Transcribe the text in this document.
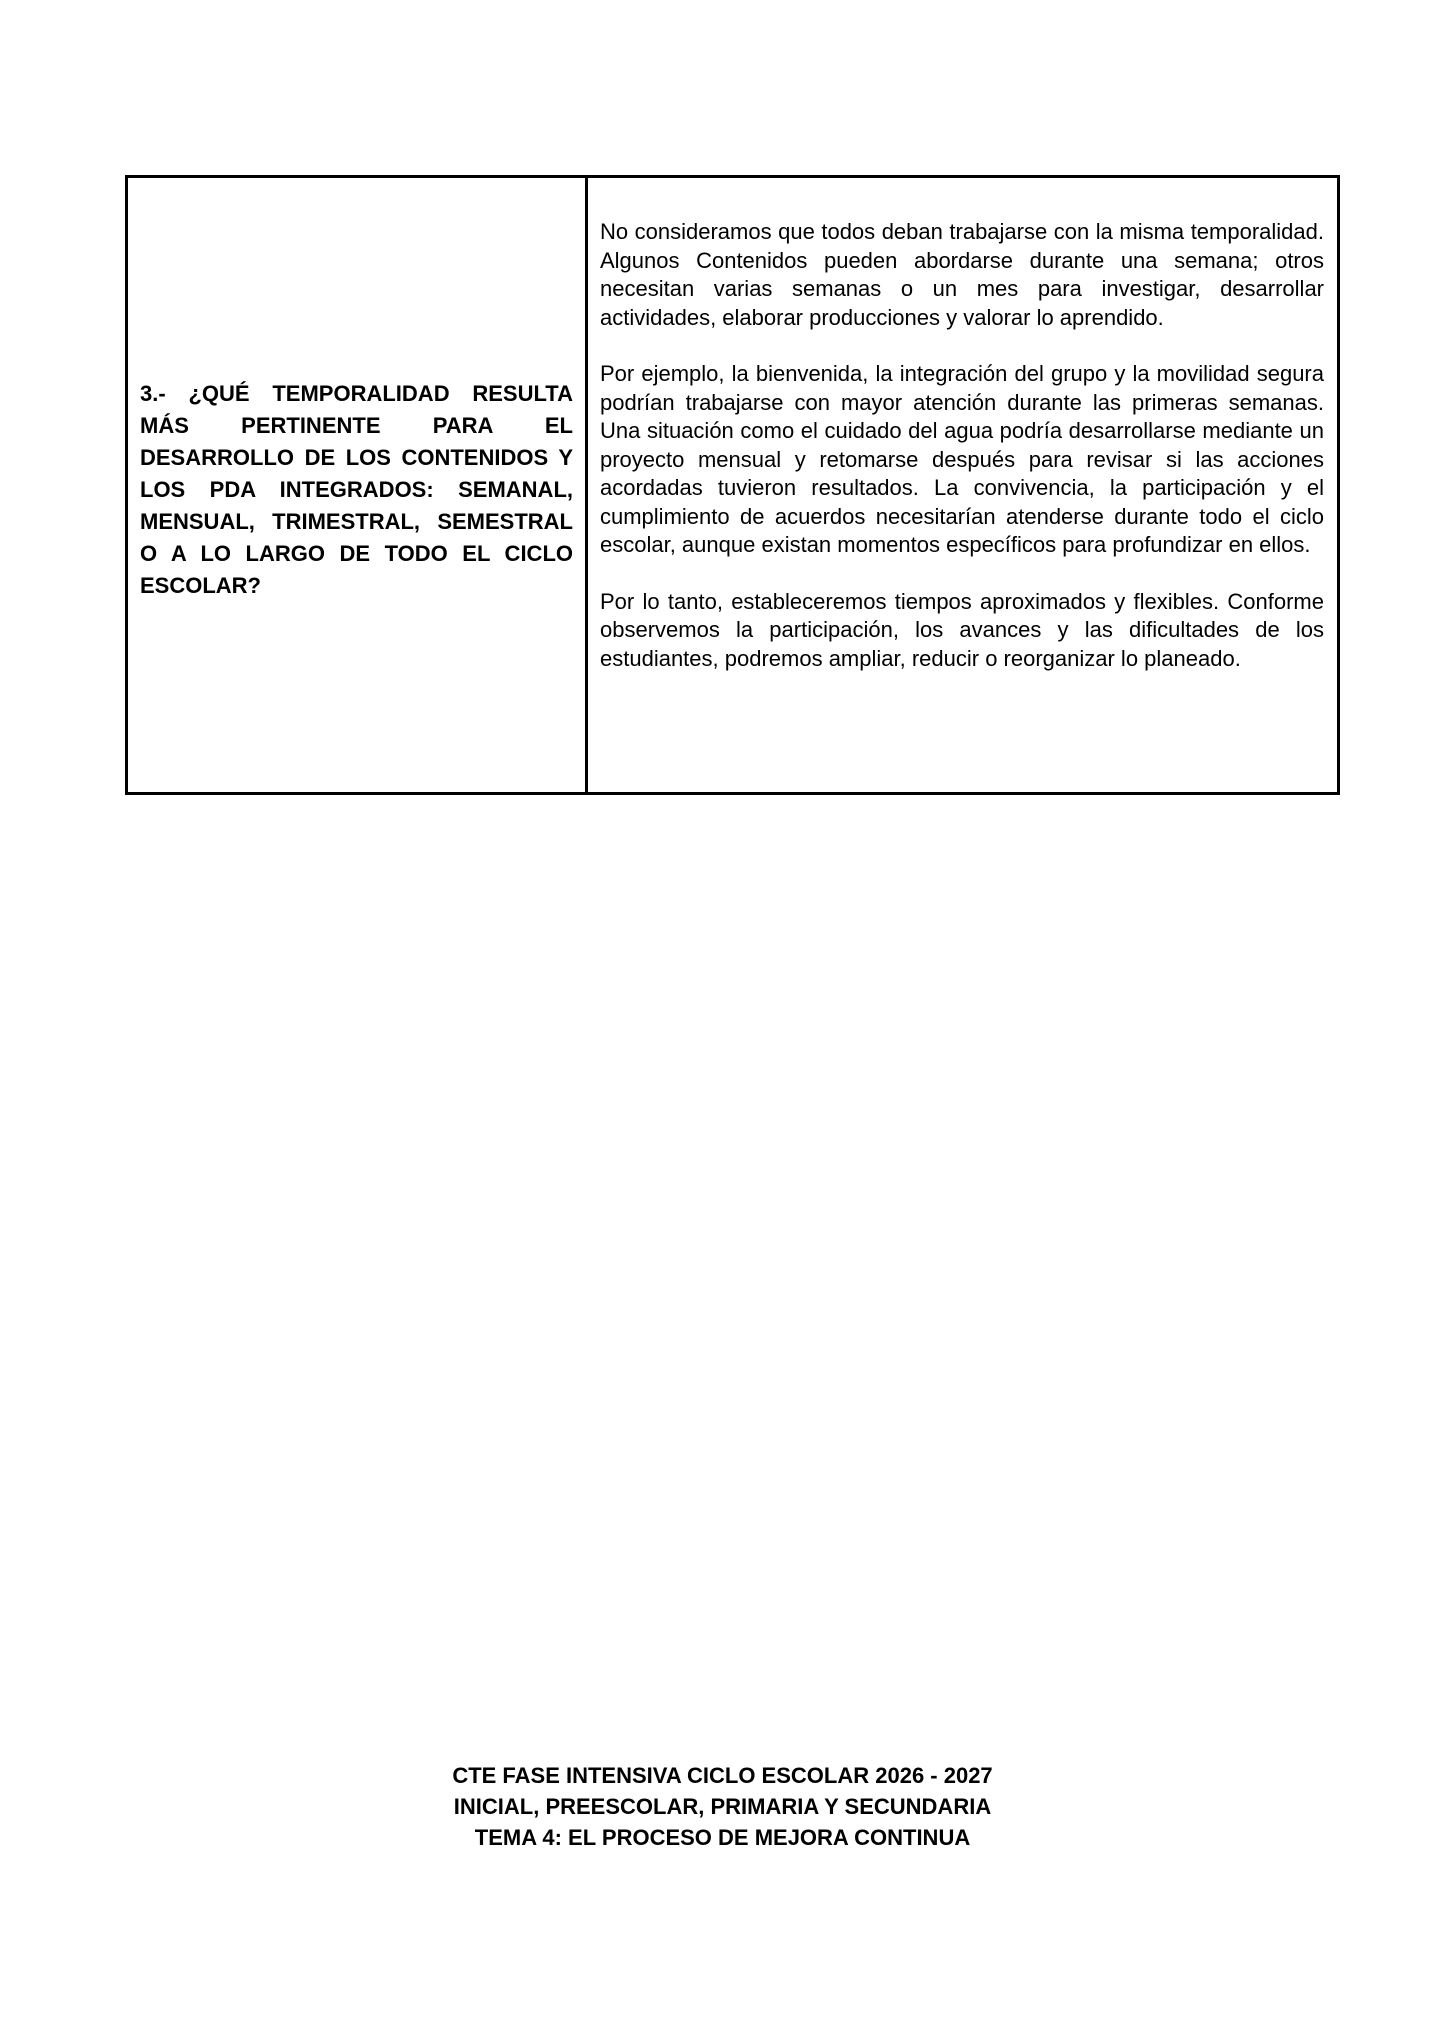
3.- ¿QUÉ TEMPORALIDAD RESULTA MÁS PERTINENTE PARA EL DESARROLLO DE LOS CONTENIDOS Y LOS PDA INTEGRADOS: SEMANAL, MENSUAL, TRIMESTRAL, SEMESTRAL O A LO LARGO DE TODO EL CICLO ESCOLAR?

No consideramos que todos deban trabajarse con la misma temporalidad. Algunos Contenidos pueden abordarse durante una semana; otros necesitan varias semanas o un mes para investigar, desarrollar actividades, elaborar producciones y valorar lo aprendido.

Por ejemplo, la bienvenida, la integración del grupo y la movilidad segura podrían trabajarse con mayor atención durante las primeras semanas. Una situación como el cuidado del agua podría desarrollarse mediante un proyecto mensual y retomarse después para revisar si las acciones acordadas tuvieron resultados. La convivencia, la participación y el cumplimiento de acuerdos necesitarían atenderse durante todo el ciclo escolar, aunque existan momentos específicos para profundizar en ellos.

Por lo tanto, estableceremos tiempos aproximados y flexibles. Conforme observemos la participación, los avances y las dificultades de los estudiantes, podremos ampliar, reducir o reorganizar lo planeado.

CTE FASE INTENSIVA CICLO ESCOLAR 2026 - 2027

INICIAL, PREESCOLAR, PRIMARIA Y SECUNDARIA

TEMA 4: EL PROCESO DE MEJORA CONTINUA
